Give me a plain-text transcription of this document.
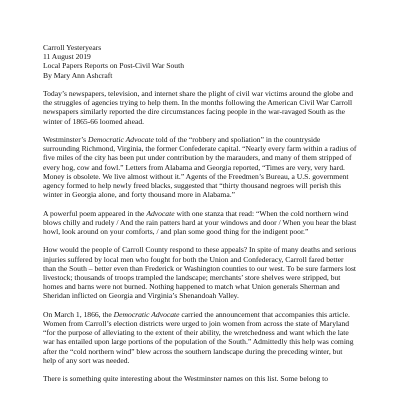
Carroll Yesteryears

11 August 2019

Local Papers Reports on Post-Civil War South

By Mary Ann Ashcraft

Today’s newspapers, television, and internet share the plight of civil war victims around the globe and the struggles of agencies trying to help them. In the months following the American Civil War Carroll newspapers similarly reported the dire circumstances facing people in the war-ravaged South as the winter of 1865-66 loomed ahead.

Westminster’s Democratic Advocate told of the “robbery and spoliation” in the countryside surrounding Richmond, Virginia, the former Confederate capital. “Nearly every farm within a radius of five miles of the city has been put under contribution by the marauders, and many of them stripped of every hog, cow and fowl.” Letters from Alabama and Georgia reported, “Times are very, very hard. Money is obsolete. We live almost without it.” Agents of the Freedmen’s Bureau, a U.S. government agency formed to help newly freed blacks, suggested that “thirty thousand negroes will perish this winter in Georgia alone, and forty thousand more in Alabama.”

A powerful poem appeared in the Advocate with one stanza that read: “When the cold northern wind blows chilly and rudely / And the rain patters hard at your windows and door / When you hear the blast howl, look around on your comforts, / and plan some good thing for the indigent poor.”

How would the people of Carroll County respond to these appeals? In spite of many deaths and serious injuries suffered by local men who fought for both the Union and Confederacy, Carroll fared better than the South – better even than Frederick or Washington counties to our west. To be sure farmers lost livestock; thousands of troops trampled the landscape; merchants’ store shelves were stripped, but homes and barns were not burned. Nothing happened to match what Union generals Sherman and Sheridan inflicted on Georgia and Virginia’s Shenandoah Valley.

On March 1, 1866, the Democratic Advocate carried the announcement that accompanies this article. Women from Carroll’s election districts were urged to join women from across the state of Maryland “for the purpose of alleviating to the extent of their ability, the wretchedness and want which the late war has entailed upon large portions of the population of the South.” Admittedly this help was coming after the “cold northern wind” blew across the southern landscape during the preceding winter, but help of any sort was needed.

There is something quite interesting about the Westminster names on this list. Some belong to
